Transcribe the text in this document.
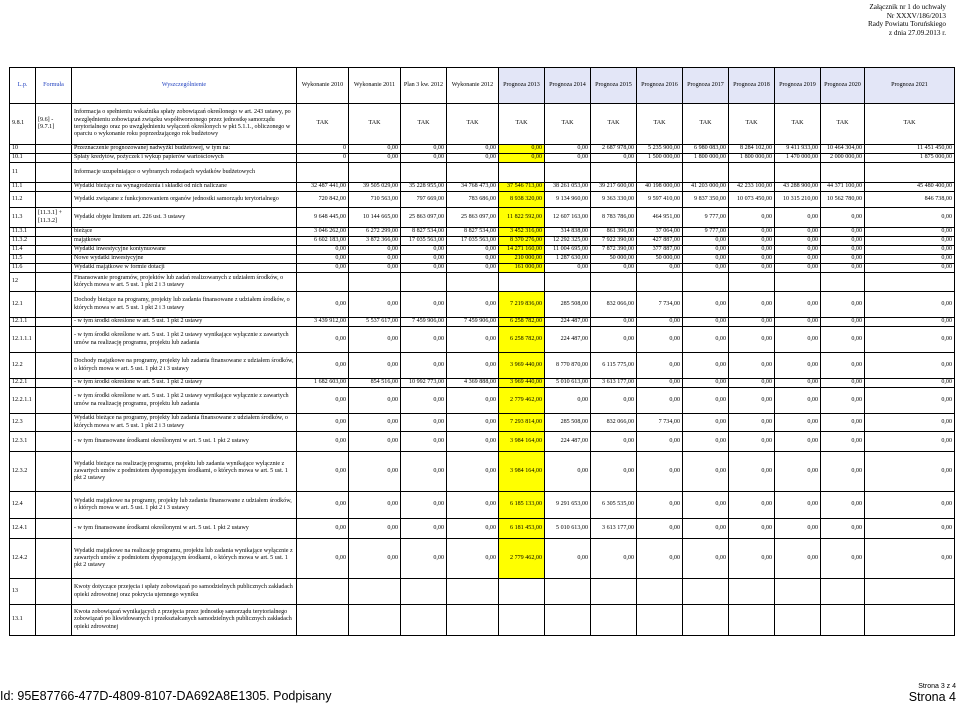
Załącznik nr 1 do uchwały
Nr XXXV/186/2013
Rady Powiatu Toruńskiego
z dnia 27.09.2013 r.
L.p.	Formuła	Wyszczególnienie	Wykonanie 2010	Wykonanie 2011	Plan 3 kw. 2012	Wykonanie 2012	Prognoza 2013	Prognoza 2014	Prognoza 2015	Prognoza 2016	Prognoza 2017	Prognoza 2018	Prognoza 2019	Prognoza 2020	Prognoza 2021
9.8.1	[9.6] - [9.7.1]	Informacja o spełnieniu wskaźnika spłaty zobowiązań określonego w art. 243 ustawy, po uwzględnieniu zobowiązań związku współtworzonego przez jednostkę samorządu terytorialnego oraz po uwzględnieniu wyłączeń określonych w pkt 5.1.1., obliczonego w oparciu o wykonanie roku poprzedzającego rok budżetowy	TAK	TAK	TAK	TAK	TAK	TAK	TAK	TAK	TAK	TAK	TAK	TAK	TAK
10		Przeznaczenie prognozowanej nadwyżki budżetowej, w tym na:	0	0,00	0,00	0,00	0,00	0,00	2 687 978,00	5 235 900,00	6 980 083,00	8 284 102,00	9 411 933,00	10 464 304,00	11 451 450,00
10.1		Spłaty kredytów, pożyczek i wykup papierów wartościowych	0	0,00	0,00	0,00	0,00	0,00	0,00	1 500 000,00	1 800 000,00	1 800 000,00	1 470 000,00	2 000 000,00	1 875 000,00
11		Informacje uzupełniające o wybranych rodzajach wydatków budżetowych													
11.1		Wydatki bieżące na wynagrodzenia i składki od nich naliczane	32 487 441,00	39 505 029,00	35 228 955,00	34 768 473,00	37 546 713,00	38 261 053,00	39 217 600,00	40 198 000,00	41 203 000,00	42 233 100,00	43 288 900,00	44 371 100,00	45 480 400,00
11.2		Wydatki związane z funkcjonowaniem organów jednostki samorządu terytorialnego	720 842,00	710 563,00	797 669,00	783 686,00	8 938 320,00	9 134 960,00	9 363 330,00	9 597 410,00	9 837 350,00	10 073 450,00	10 315 210,00	10 562 780,00	846 738,00
11.3	[11.3.1] + [11.3.2]	Wydatki objęte limitem art. 226 ust. 3 ustawy	9 648 445,00	10 144 665,00	25 863 097,00	25 863 097,00	11 822 592,00	12 607 163,00	8 783 786,00	464 951,00	9 777,00	0,00	0,00	0,00	0,00
11.3.1		bieżące	3 046 262,00	6 272 299,00	8 827 534,00	8 827 534,00	3 452 316,00	314 838,00	861 396,00	37 064,00	9 777,00	0,00	0,00	0,00	0,00
11.3.2		majątkowe	6 602 183,00	3 872 366,00	17 035 563,00	17 035 563,00	8 370 276,00	12 292 325,00	7 922 390,00	427 887,00	0,00	0,00	0,00	0,00	0,00
11.4		Wydatki inwestycyjne kontynuowane	0,00	0,00	0,00	0,00	14 271 160,00	11 004 695,00	7 872 390,00	377 887,00	0,00	0,00	0,00	0,00	0,00
11.5		Nowe wydatki inwestycyjne	0,00	0,00	0,00	0,00	210 000,00	1 287 630,00	50 000,00	50 000,00	0,00	0,00	0,00	0,00	0,00
11.6		Wydatki majątkowe w formie dotacji	0,00	0,00	0,00	0,00	161 000,00	0,00	0,00	0,00	0,00	0,00	0,00	0,00	0,00
12		Finansowanie programów, projektów lub zadań realizowanych z udziałem środków, o których mowa w art. 5 ust. 1 pkt 2 i 3 ustawy													
12.1		Dochody bieżące na programy, projekty lub zadania finansowane z udziałem środków, o których mowa w art. 5 ust. 1 pkt 2 i 3 ustawy	0,00	0,00	0,00	0,00	7 219 836,00	285 508,00	832 066,00	7 734,00	0,00	0,00	0,00	0,00	0,00
12.1.1		- w tym środki określone w art. 5 ust. 1 pkt 2 ustawy	3 439 912,00	5 537 617,00	7 459 906,00	7 459 906,00	6 258 782,00	224 487,00	0,00	0,00	0,00	0,00	0,00	0,00	0,00
12.1.1.1		- w tym środki określone w art. 5 ust. 1 pkt 2 ustawy wynikające wyłącznie z zawartych umów na realizację programu, projektu lub zadania	0,00	0,00	0,00	0,00	6 258 782,00	224 487,00	0,00	0,00	0,00	0,00	0,00	0,00	0,00
12.2		Dochody majątkowe na programy, projekty lub zadania finansowane z udziałem środków, o których mowa w art. 5 ust. 1 pkt 2 i 3 ustawy	0,00	0,00	0,00	0,00	3 969 440,00	8 770 870,00	6 115 775,00	0,00	0,00	0,00	0,00	0,00	0,00
12.2.1		- w tym środki określone w art. 5 ust. 1 pkt 2 ustawy	1 682 603,00	854 516,00	10 992 773,00	4 369 888,00	3 969 440,00	5 010 613,00	3 613 177,00	0,00	0,00	0,00	0,00	0,00	0,00
12.2.1.1		- w tym środki określone w art. 5 ust. 1 pkt 2 ustawy wynikające wyłącznie z zawartych umów na realizację programu, projektu lub zadania	0,00	0,00	0,00	0,00	2 779 462,00	0,00	0,00	0,00	0,00	0,00	0,00	0,00	0,00
12.3		Wydatki bieżące na programy, projekty lub zadania finansowane z udziałem środków, o których mowa w art. 5 ust. 1 pkt 2 i 3 ustawy	0,00	0,00	0,00	0,00	7 293 814,00	285 508,00	832 066,00	7 734,00	0,00	0,00	0,00	0,00	0,00
12.3.1		- w tym finansowane środkami określonymi w art. 5 ust. 1 pkt 2 ustawy	0,00	0,00	0,00	0,00	3 984 164,00	224 487,00	0,00	0,00	0,00	0,00	0,00	0,00	0,00
12.3.2		Wydatki bieżące na realizację programu, projektu lub zadania wynikające wyłącznie z zawartych umów z podmiotem dysponującym środkami, o których mowa w art. 5 ust. 1 pkt 2 ustawy	0,00	0,00	0,00	0,00	3 984 164,00	0,00	0,00	0,00	0,00	0,00	0,00	0,00	0,00
12.4		Wydatki majątkowe na programy, projekty lub zadania finansowane z udziałem środków, o których mowa w art. 5 ust. 1 pkt 2 i 3 ustawy	0,00	0,00	0,00	0,00	6 185 133,00	9 291 653,00	6 305 535,00	0,00	0,00	0,00	0,00	0,00	0,00
12.4.1		- w tym finansowane środkami określonymi w art. 5 ust. 1 pkt 2 ustawy	0,00	0,00	0,00	0,00	6 181 453,00	5 010 613,00	3 613 177,00	0,00	0,00	0,00	0,00	0,00	0,00
12.4.2		Wydatki majątkowe na realizację programu, projektu lub zadania wynikające wyłącznie z zawartych umów z podmiotem dysponującym środkami, o których mowa w art. 5 ust. 1 pkt 2 ustawy	0,00	0,00	0,00	0,00	2 779 462,00	0,00	0,00	0,00	0,00	0,00	0,00	0,00	0,00
13		Kwoty dotyczące przejęcia i spłaty zobowiązań po samodzielnych publicznych zakładach opieki zdrowotnej oraz pokrycia ujemnego wyniku													
13.1		Kwota zobowiązań wynikających z przejęcia przez jednostkę samorządu terytorialnego zobowiązań po likwidowanych i przekształcanych samodzielnych publicznych zakładach opieki zdrowotnej													
Id: 95E87766-477D-4809-8107-DA692A8E1305. Podpisany
Strona 3 z 4
Strona 4
